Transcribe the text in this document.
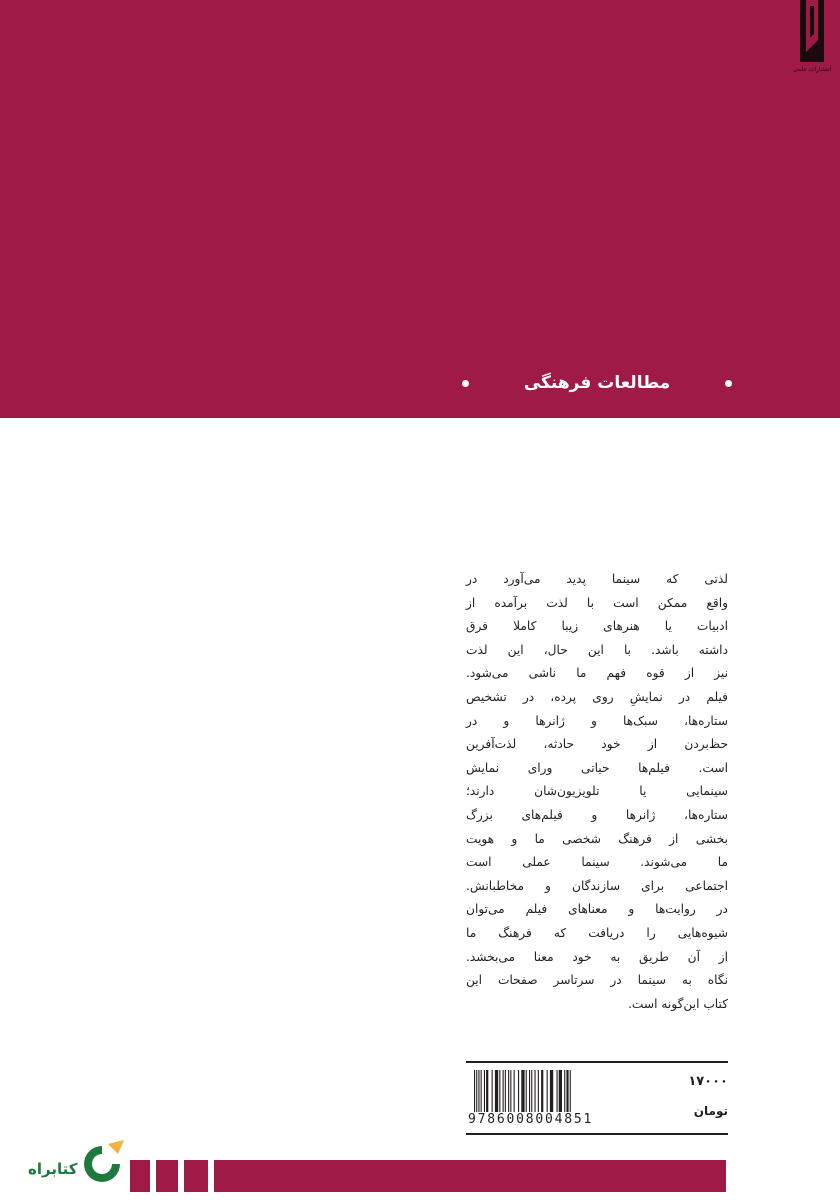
انتشارات علمی
مطالعات فرهنگی
لذتی که سینما پدید می‌آورد در
واقع ممکن است با لذت برآمده از
ادبیات یا هنرهای زیبا کاملا فرق
داشته باشد. با این حال، این لذت
نیز از قوه فهم ما ناشی می‌شود.
فیلم در نمایشِ روی پرده، در تشخیص
ستاره‌ها، سبک‌ها و ژانرها و در
حظ‌بردن از خود حادثه، لذت‌آفرین
است. فیلم‌ها حیاتی ورای نمایش
سینمایی یا تلویزیون‌شان دارند؛
ستاره‌ها، ژانرها و فیلم‌های بزرگ
بخشی از فرهنگ شخصی ما و هویت
ما می‌شوند. سینما عملی است
اجتماعی برای سازندگان و مخاطبانش.
در روایت‌ها و معناهای فیلم می‌توان
شیوه‌هایی را دریافت که فرهنگ ما
از آن طریق به خود معنا می‌بخشد.
نگاه به سینما در سرتاسر صفحات این
کتاب این‌گونه است.
9786008004851
۱۷۰۰۰
تومان
کتابراه
